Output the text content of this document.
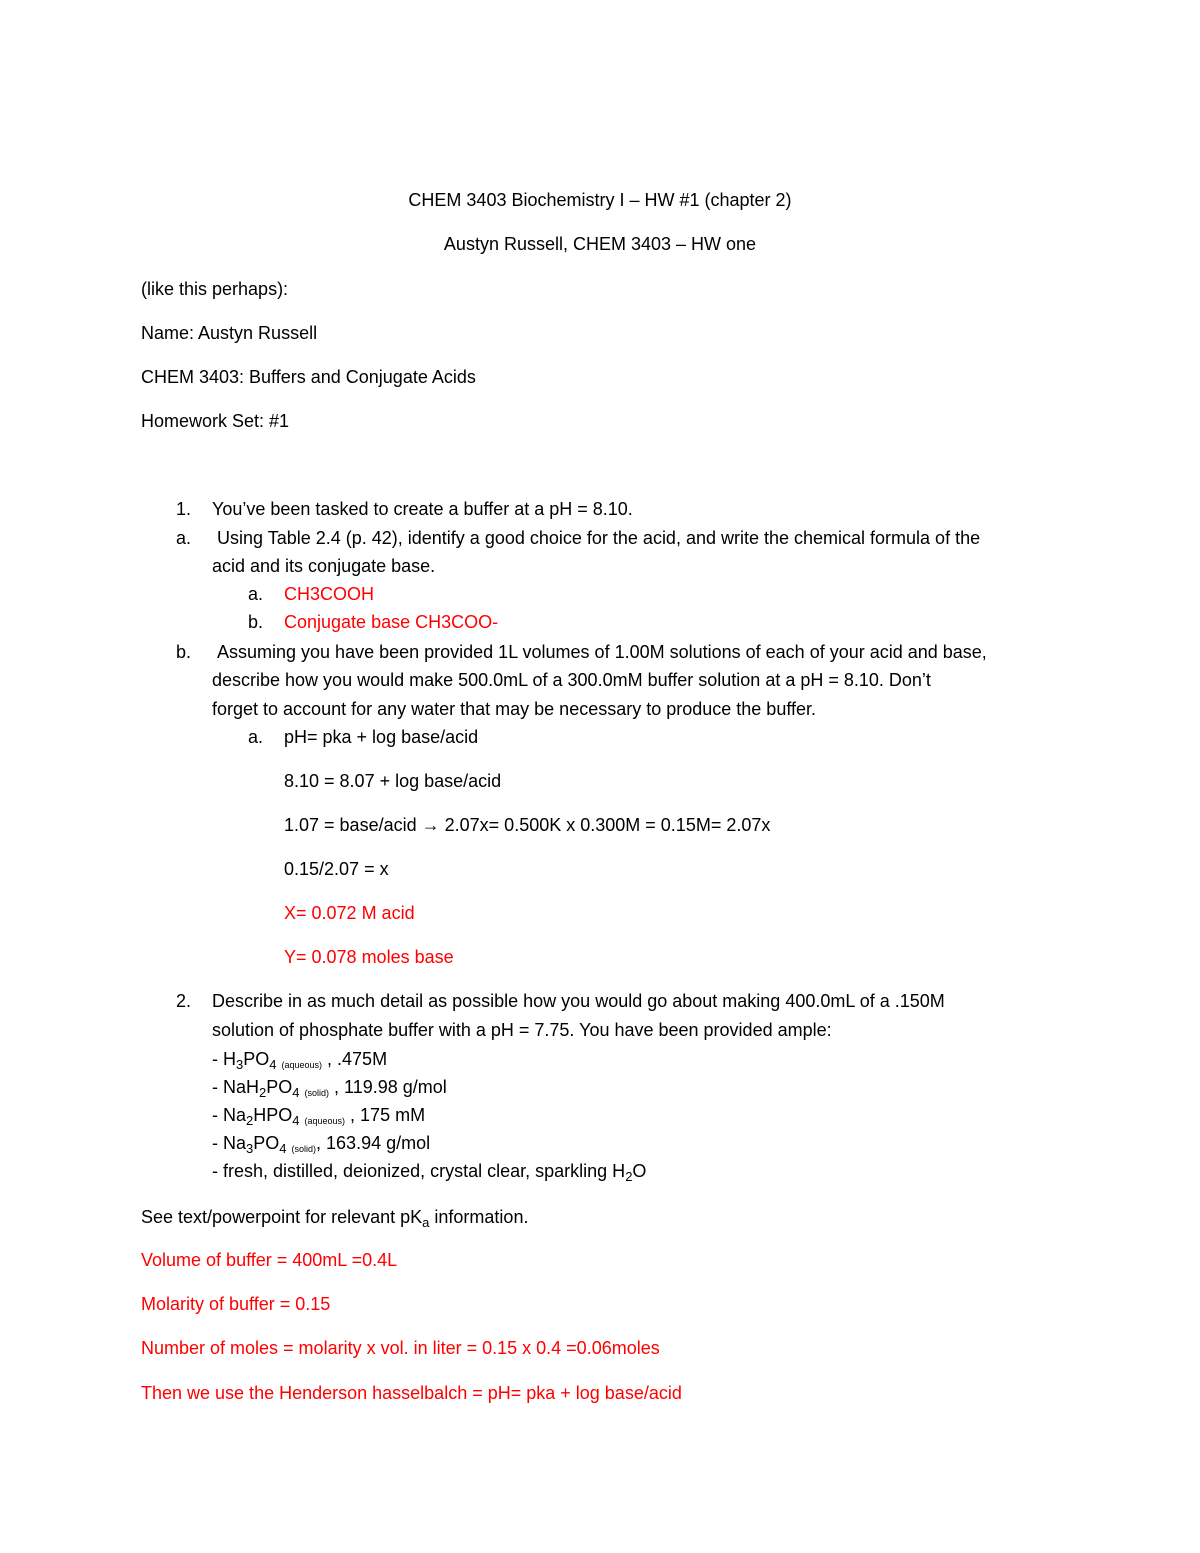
CHEM 3403 Biochemistry I – HW #1 (chapter 2)
Austyn Russell, CHEM 3403 – HW one
(like this perhaps):
Name: Austyn Russell
CHEM 3403: Buffers and Conjugate Acids
Homework Set: #1
1. You’ve been tasked to create a buffer at a pH = 8.10.
a. Using Table 2.4 (p. 42), identify a good choice for the acid, and write the chemical formula of the
acid and its conjugate base.
a. CH3COOH
b. Conjugate base CH3COO-
b. Assuming you have been provided 1L volumes of 1.00M solutions of each of your acid and base,
describe how you would make 500.0mL of a 300.0mM buffer solution at a pH = 8.10. Don’t
forget to account for any water that may be necessary to produce the buffer.
a. pH= pka + log base/acid
8.10 = 8.07 + log base/acid
1.07 = base/acid → 2.07x= 0.500K x 0.300M = 0.15M= 2.07x
0.15/2.07 = x
X= 0.072 M acid
Y= 0.078 moles base
2. Describe in as much detail as possible how you would go about making 400.0mL of a .150M
solution of phosphate buffer with a pH = 7.75. You have been provided ample:
- $H_3PO_4$ (aqueous) , .475M
- $NaH_2PO_4$ (solid) , 119.98 g/mol
- $Na_2HPO_4$ (aqueous) , 175 mM
- $Na_3PO_4$ (solid), 163.94 g/mol
- fresh, distilled, deionized, crystal clear, sparkling $H_2O$
See text/powerpoint for relevant $pK_a$ information.
Volume of buffer = 400mL =0.4L
Molarity of buffer = 0.15
Number of moles = molarity x vol. in liter = 0.15 x 0.4 =0.06moles
Then we use the Henderson hasselbalch = pH= pka + log base/acid
